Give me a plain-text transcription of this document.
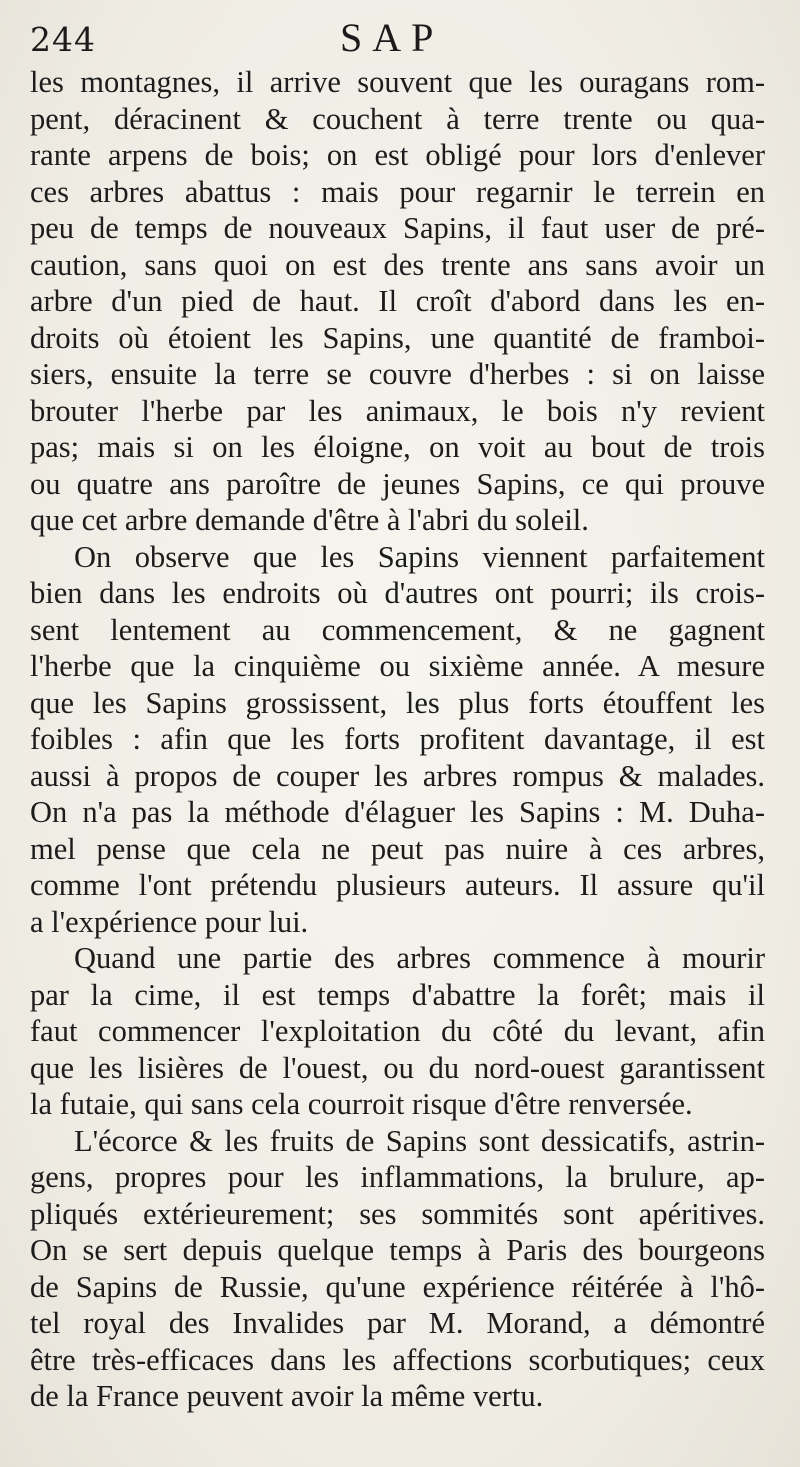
244	SAP
les montagnes, il arrive souvent que les ouragans rom-
pent, déracinent & couchent à terre trente ou qua-
rante arpens de bois; on est obligé pour lors d'enlever
ces arbres abattus : mais pour regarnir le terrein en
peu de temps de nouveaux Sapins, il faut user de pré-
caution, sans quoi on est des trente ans sans avoir un
arbre d'un pied de haut. Il croît d'abord dans les en-
droits où étoient les Sapins, une quantité de framboi-
siers, ensuite la terre se couvre d'herbes : si on laisse
brouter l'herbe par les animaux, le bois n'y revient
pas; mais si on les éloigne, on voit au bout de trois
ou quatre ans paroître de jeunes Sapins, ce qui prouve
que cet arbre demande d'être à l'abri du soleil.
On observe que les Sapins viennent parfaitement
bien dans les endroits où d'autres ont pourri; ils crois-
sent lentement au commencement, & ne gagnent
l'herbe que la cinquième ou sixième année. A mesure
que les Sapins grossissent, les plus forts étouffent les
foibles : afin que les forts profitent davantage, il est
aussi à propos de couper les arbres rompus & malades.
On n'a pas la méthode d'élaguer les Sapins : M. Duha-
mel pense que cela ne peut pas nuire à ces arbres,
comme l'ont prétendu plusieurs auteurs. Il assure qu'il
a l'expérience pour lui.
Quand une partie des arbres commence à mourir
par la cime, il est temps d'abattre la forêt; mais il
faut commencer l'exploitation du côté du levant, afin
que les lisières de l'ouest, ou du nord-ouest garantissent
la futaie, qui sans cela courroit risque d'être renversée.
L'écorce & les fruits de Sapins sont dessicatifs, astrin-
gens, propres pour les inflammations, la brulure, ap-
pliqués extérieurement; ses sommités sont apéritives.
On se sert depuis quelque temps à Paris des bourgeons
de Sapins de Russie, qu'une expérience réitérée à l'hô-
tel royal des Invalides par M. Morand, a démontré
être très-efficaces dans les affections scorbutiques; ceux
de la France peuvent avoir la même vertu.
